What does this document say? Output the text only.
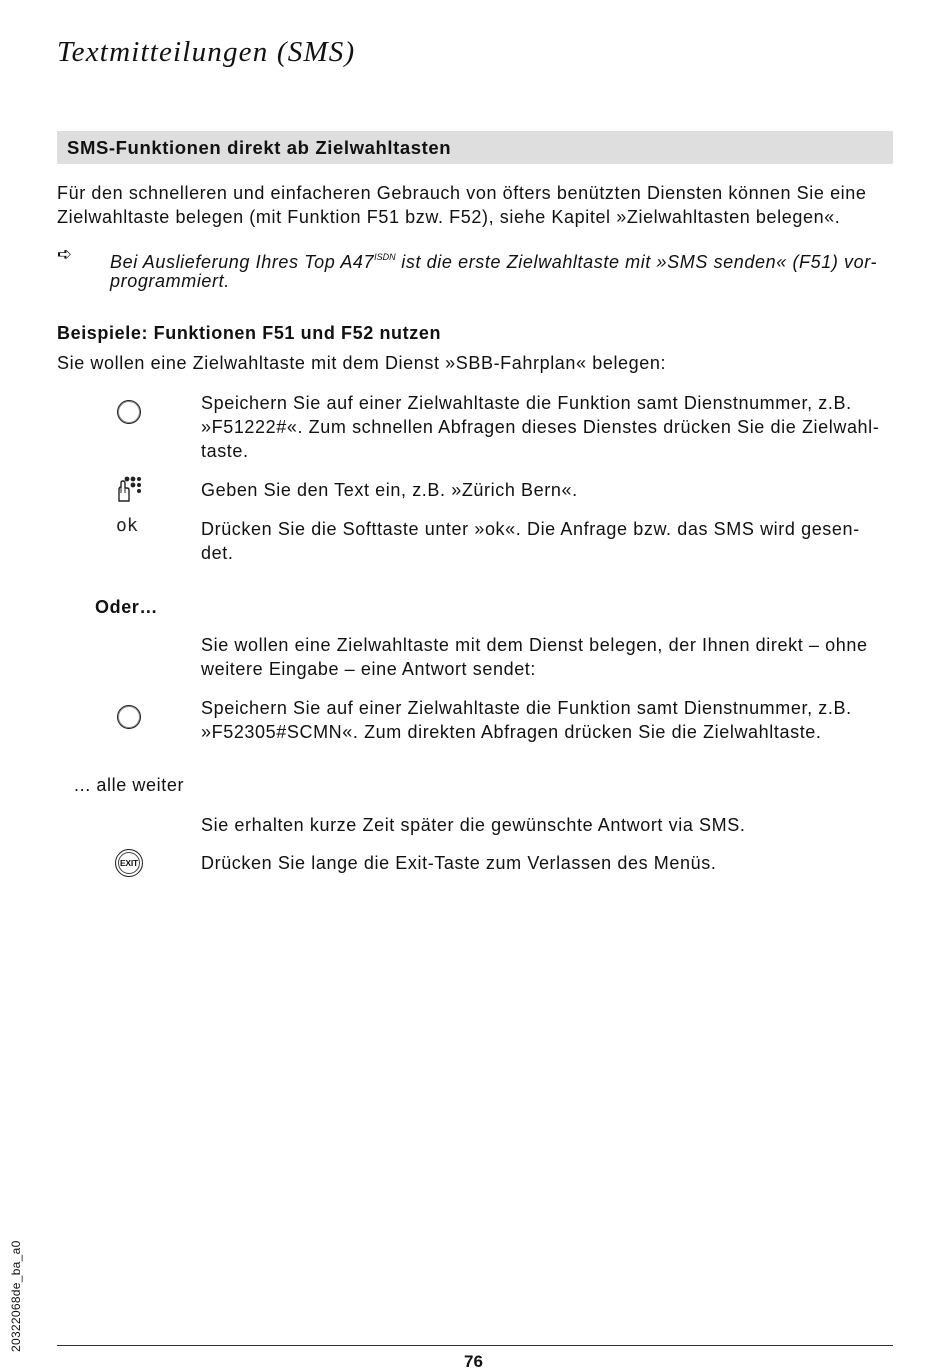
Textmitteilungen (SMS)
SMS-Funktionen direkt ab Zielwahltasten
Für den schnelleren und einfacheren Gebrauch von öfters benützten Diensten können Sie eine
Zielwahltaste belegen (mit Funktion F51 bzw. F52), siehe Kapitel »Zielwahltasten belegen«.
➪ Bei Auslieferung Ihres Top $A47^{ISDN}$ ist die erste Zielwahltaste mit »SMS senden« (F51) vor-
programmiert.
Beispiele: Funktionen F51 und F52 nutzen
Sie wollen eine Zielwahltaste mit dem Dienst »SBB-Fahrplan« belegen:
Speichern Sie auf einer Zielwahltaste die Funktion samt Dienstnummer, z.B.
»F51222#«. Zum schnellen Abfragen dieses Dienstes drücken Sie die Zielwahl-
taste.
Geben Sie den Text ein, z.B. »Zürich Bern«.
ok	Drücken Sie die Softtaste unter »ok«. Die Anfrage bzw. das SMS wird gesen-
det.
Oder…
Sie wollen eine Zielwahltaste mit dem Dienst belegen, der Ihnen direkt – ohne
weitere Eingabe – eine Antwort sendet:
Speichern Sie auf einer Zielwahltaste die Funktion samt Dienstnummer, z.B.
»F52305#SCMN«. Zum direkten Abfragen drücken Sie die Zielwahltaste.
... alle weiter
Sie erhalten kurze Zeit später die gewünschte Antwort via SMS.
EXIT	Drücken Sie lange die Exit-Taste zum Verlassen des Menüs.
20322068de_ba_a0
76
